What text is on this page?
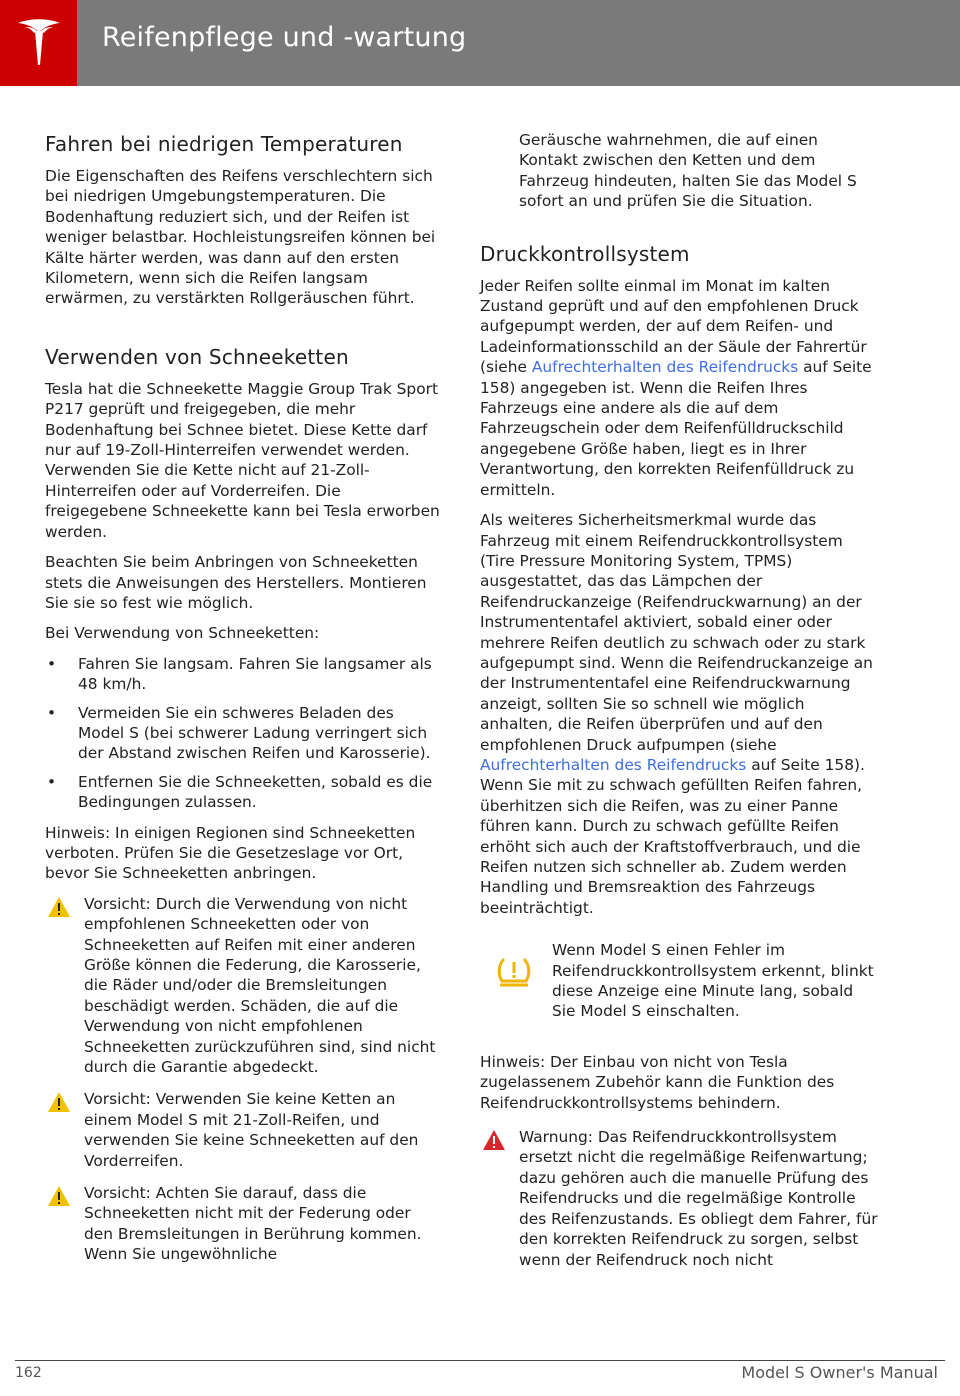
Reifenpflege und -wartung
Fahren bei niedrigen Temperaturen

Die Eigenschaften des Reifens verschlechtern sich bei niedrigen Umgebungstemperaturen. Die Bodenhaftung reduziert sich, und der Reifen ist weniger belastbar. Hochleistungsreifen können bei Kälte härter werden, was dann auf den ersten Kilometern, wenn sich die Reifen langsam erwärmen, zu verstärkten Rollgeräuschen führt.

Verwenden von Schneeketten

Tesla hat die Schneekette Maggie Group Trak Sport P217 geprüft und freigegeben, die mehr Bodenhaftung bei Schnee bietet. Diese Kette darf nur auf 19-Zoll-Hinterreifen verwendet werden. Verwenden Sie die Kette nicht auf 21-Zoll-Hinterreifen oder auf Vorderreifen. Die freigegebene Schneekette kann bei Tesla erworben werden.

Beachten Sie beim Anbringen von Schneeketten stets die Anweisungen des Herstellers. Montieren Sie sie so fest wie möglich.

Bei Verwendung von Schneeketten:

• Fahren Sie langsam. Fahren Sie langsamer als 48 km/h.
• Vermeiden Sie ein schweres Beladen des Model S (bei schwerer Ladung verringert sich der Abstand zwischen Reifen und Karosserie).
• Entfernen Sie die Schneeketten, sobald es die Bedingungen zulassen.

Hinweis: In einigen Regionen sind Schneeketten verboten. Prüfen Sie die Gesetzeslage vor Ort, bevor Sie Schneeketten anbringen.

Vorsicht: Durch die Verwendung von nicht empfohlenen Schneeketten oder von Schneeketten auf Reifen mit einer anderen Größe können die Federung, die Karosserie, die Räder und/oder die Bremsleitungen beschädigt werden. Schäden, die auf die Verwendung von nicht empfohlenen Schneeketten zurückzuführen sind, sind nicht durch die Garantie abgedeckt.

Vorsicht: Verwenden Sie keine Ketten an einem Model S mit 21-Zoll-Reifen, und verwenden Sie keine Schneeketten auf den Vorderreifen.

Vorsicht: Achten Sie darauf, dass die Schneeketten nicht mit der Federung oder den Bremsleitungen in Berührung kommen. Wenn Sie ungewöhnliche

Geräusche wahrnehmen, die auf einen Kontakt zwischen den Ketten und dem Fahrzeug hindeuten, halten Sie das Model S sofort an und prüfen Sie die Situation.

Druckkontrollsystem

Jeder Reifen sollte einmal im Monat im kalten Zustand geprüft und auf den empfohlenen Druck aufgepumpt werden, der auf dem Reifen- und Ladeinformationsschild an der Säule der Fahrertür (siehe Aufrechterhalten des Reifendrucks auf Seite 158) angegeben ist. Wenn die Reifen Ihres Fahrzeugs eine andere als die auf dem Fahrzeugschein oder dem Reifenfülldruckschild angegebene Größe haben, liegt es in Ihrer Verantwortung, den korrekten Reifenfülldruck zu ermitteln.

Als weiteres Sicherheitsmerkmal wurde das Fahrzeug mit einem Reifendruckkontrollsystem (Tire Pressure Monitoring System, TPMS) ausgestattet, das das Lämpchen der Reifendruckanzeige (Reifendruckwarnung) an der Instrumententafel aktiviert, sobald einer oder mehrere Reifen deutlich zu schwach oder zu stark aufgepumpt sind. Wenn die Reifendruckanzeige an der Instrumententafel eine Reifendruckwarnung anzeigt, sollten Sie so schnell wie möglich anhalten, die Reifen überprüfen und auf den empfohlenen Druck aufpumpen (siehe Aufrechterhalten des Reifendrucks auf Seite 158). Wenn Sie mit zu schwach gefüllten Reifen fahren, überhitzen sich die Reifen, was zu einer Panne führen kann. Durch zu schwach gefüllte Reifen erhöht sich auch der Kraftstoffverbrauch, und die Reifen nutzen sich schneller ab. Zudem werden Handling und Bremsreaktion des Fahrzeugs beeinträchtigt.

Wenn Model S einen Fehler im Reifendruckkontrollsystem erkennt, blinkt diese Anzeige eine Minute lang, sobald Sie Model S einschalten.

Hinweis: Der Einbau von nicht von Tesla zugelassenem Zubehör kann die Funktion des Reifendruckkontrollsystems behindern.

Warnung: Das Reifendruckkontrollsystem ersetzt nicht die regelmäßige Reifenwartung; dazu gehören auch die manuelle Prüfung des Reifendrucks und die regelmäßige Kontrolle des Reifenzustands. Es obliegt dem Fahrer, für den korrekten Reifendruck zu sorgen, selbst wenn der Reifendruck noch nicht

162	Model S Owner's Manual
